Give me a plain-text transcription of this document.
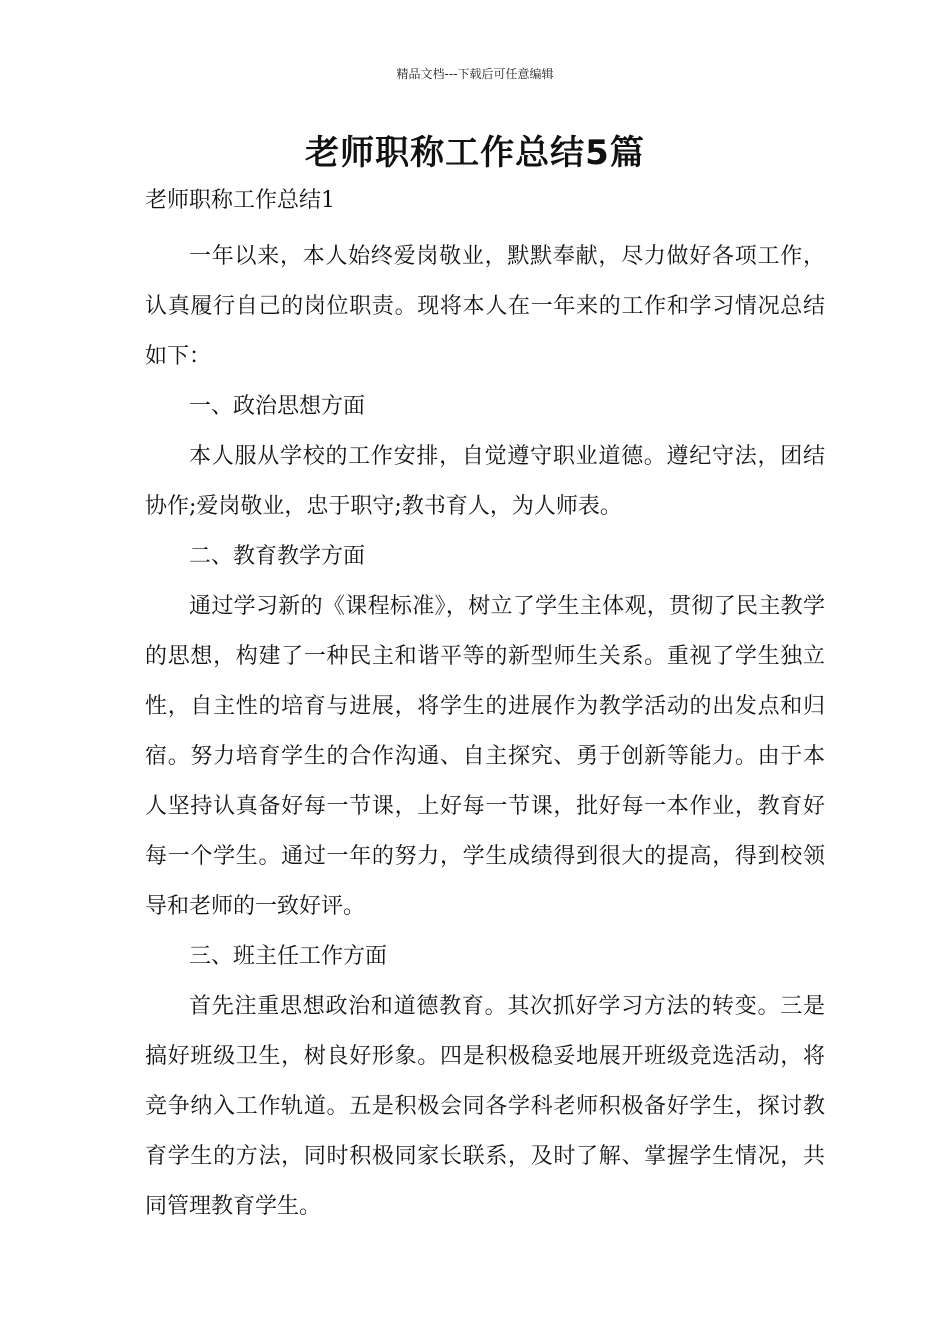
精品文档---下载后可任意编辑
老师职称工作总结5篇

老师职称工作总结1

一年以来，本人始终爱岗敬业，默默奉献，尽力做好各项工作，认真履行自己的岗位职责。现将本人在一年来的工作和学习情况总结如下：

一、政治思想方面

本人服从学校的工作安排，自觉遵守职业道德。遵纪守法，团结协作;爱岗敬业，忠于职守;教书育人，为人师表。

二、教育教学方面

通过学习新的《课程标准》，树立了学生主体观，贯彻了民主教学的思想，构建了一种民主和谐平等的新型师生关系。重视了学生独立性，自主性的培育与进展，将学生的进展作为教学活动的出发点和归宿。努力培育学生的合作沟通、自主探究、勇于创新等能力。由于本人坚持认真备好每一节课，上好每一节课，批好每一本作业，教育好每一个学生。通过一年的努力，学生成绩得到很大的提高，得到校领导和老师的一致好评。

三、班主任工作方面

首先注重思想政治和道德教育。其次抓好学习方法的转变。三是搞好班级卫生，树良好形象。四是积极稳妥地展开班级竞选活动，将竞争纳入工作轨道。五是积极会同各学科老师积极备好学生，探讨教育学生的方法，同时积极同家长联系，及时了解、掌握学生情况，共同管理教育学生。
